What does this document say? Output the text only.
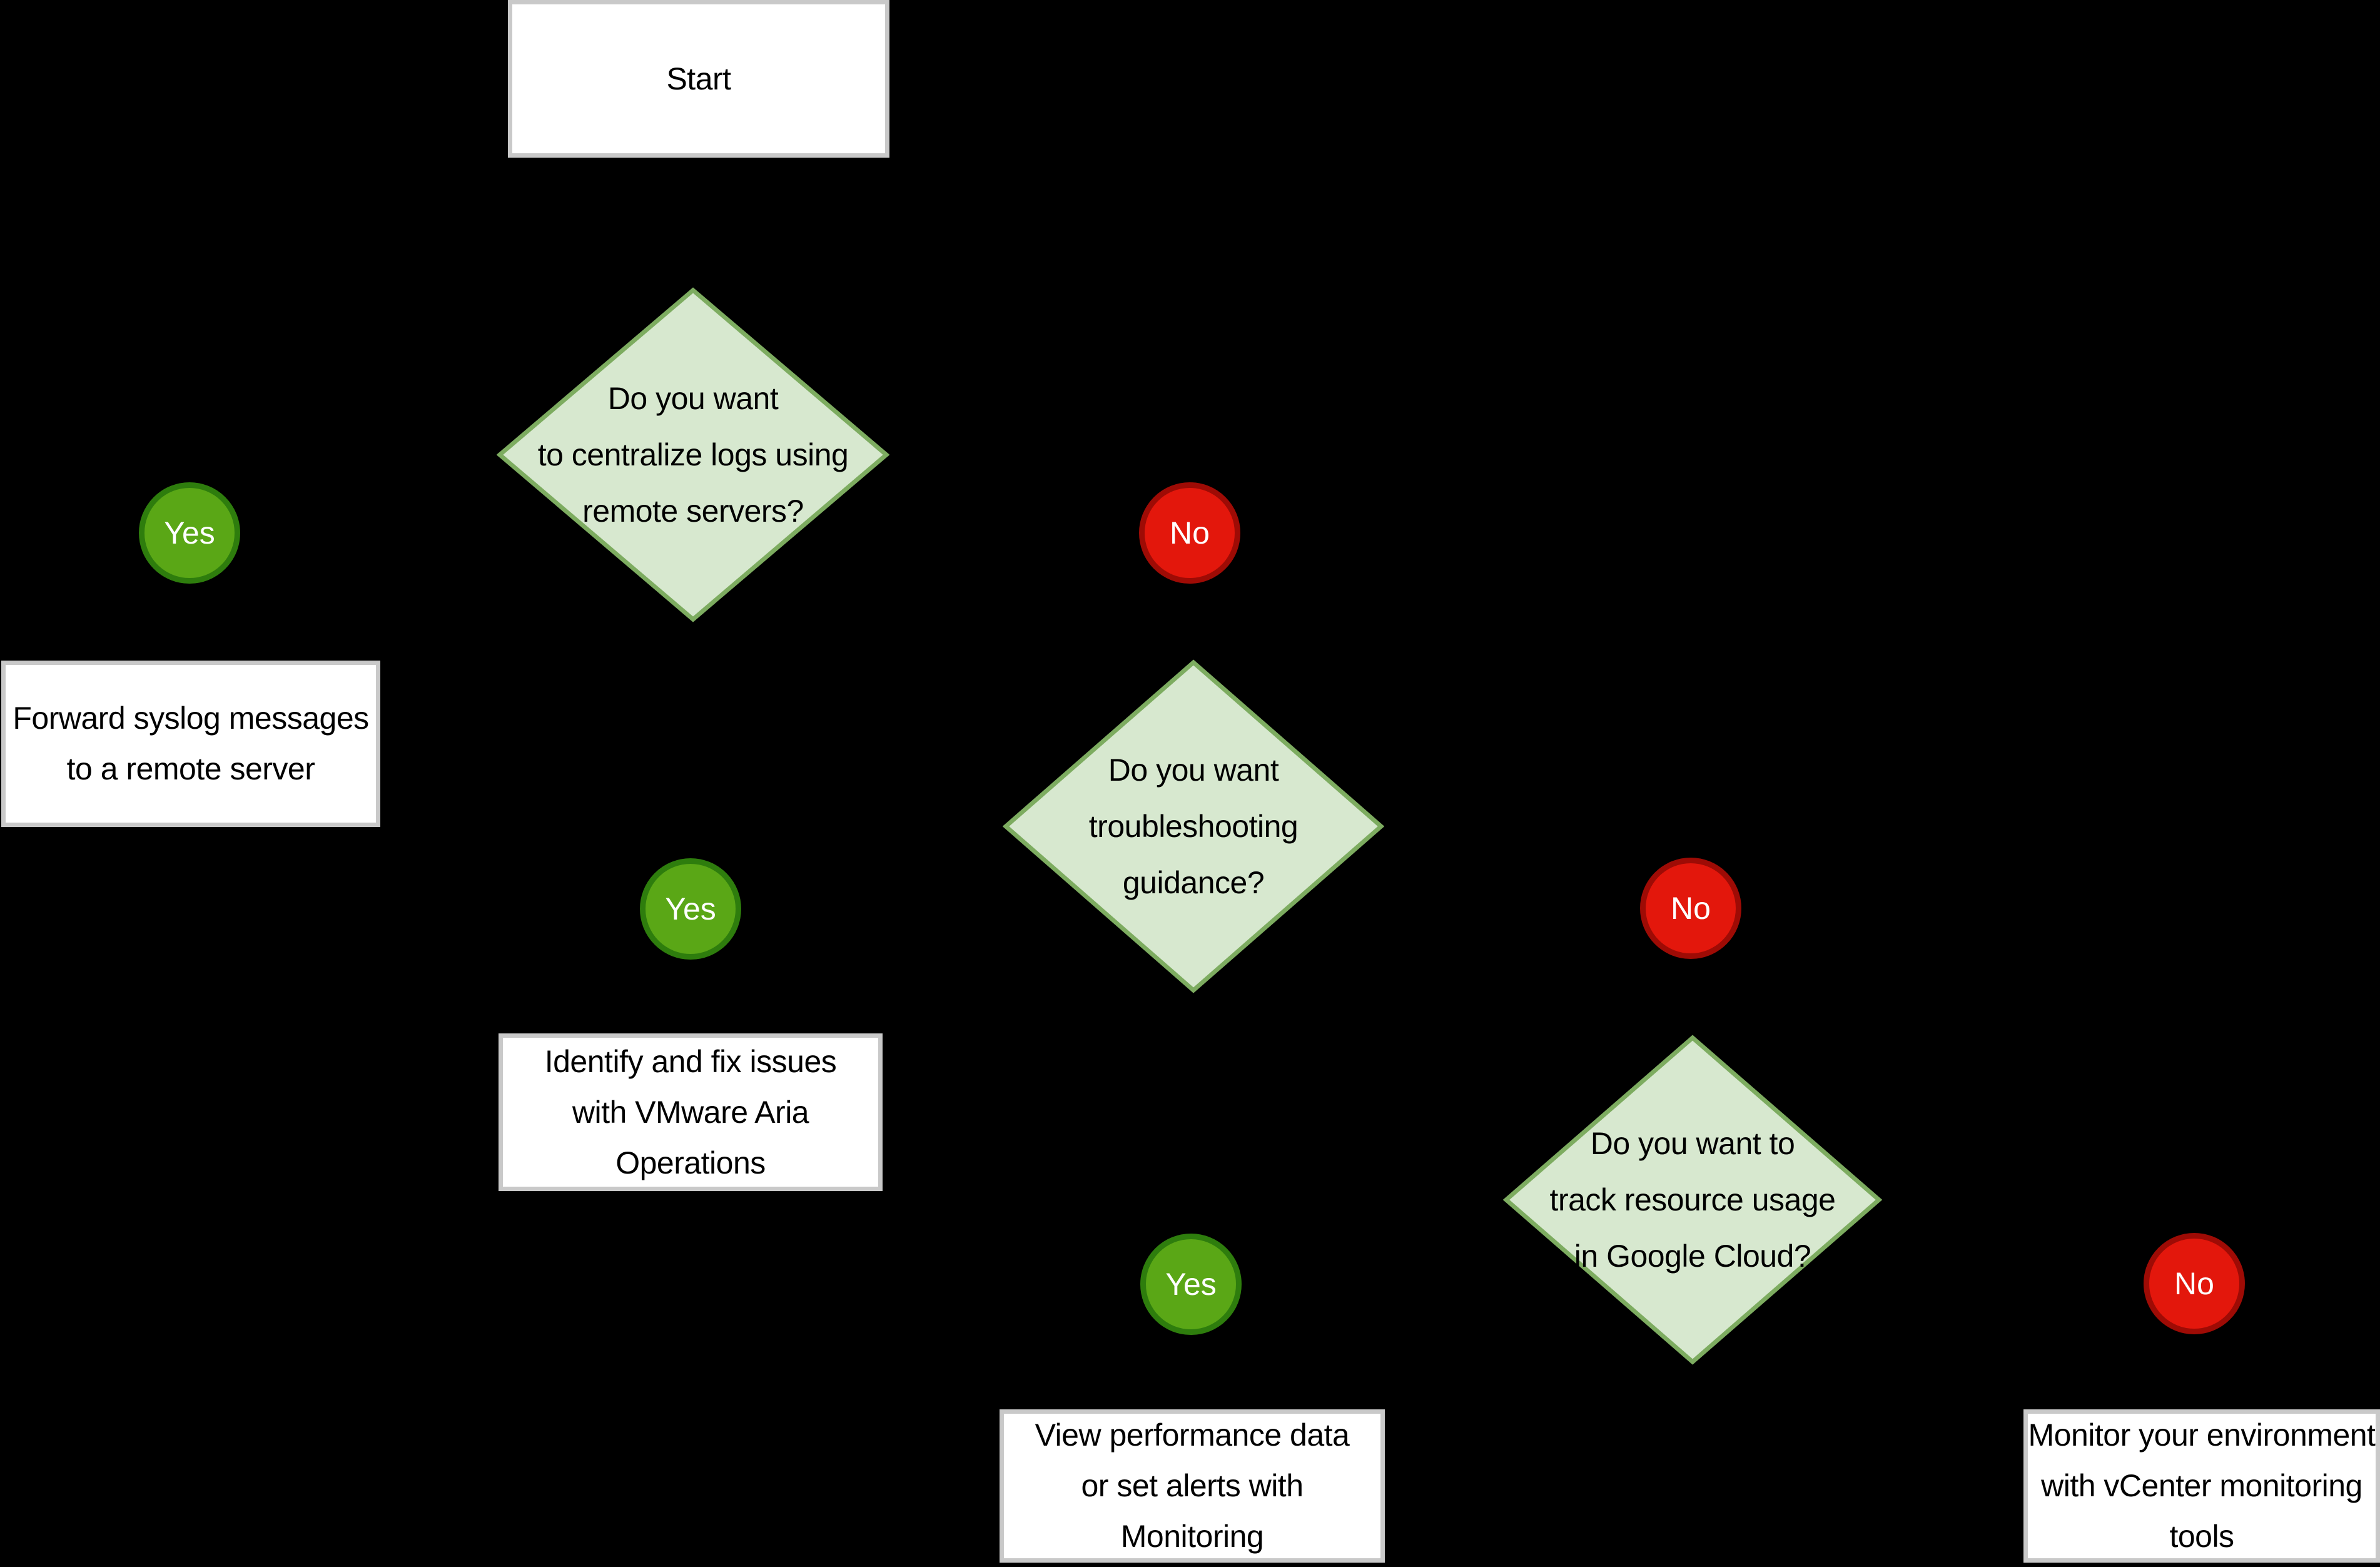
Start
Do you want
to centralize logs using
remote servers?
Yes	No
Forward syslog messages
to a remote server	Do you want
troubleshooting
guidance?
Yes	No
Identify and fix issues
with VMware Aria
Operations
Do you want to
track resource usage
in Google Cloud?
Yes	No
View performance data
or set alerts with
Monitoring
Monitor your environment
with vCenter monitoring
tools
